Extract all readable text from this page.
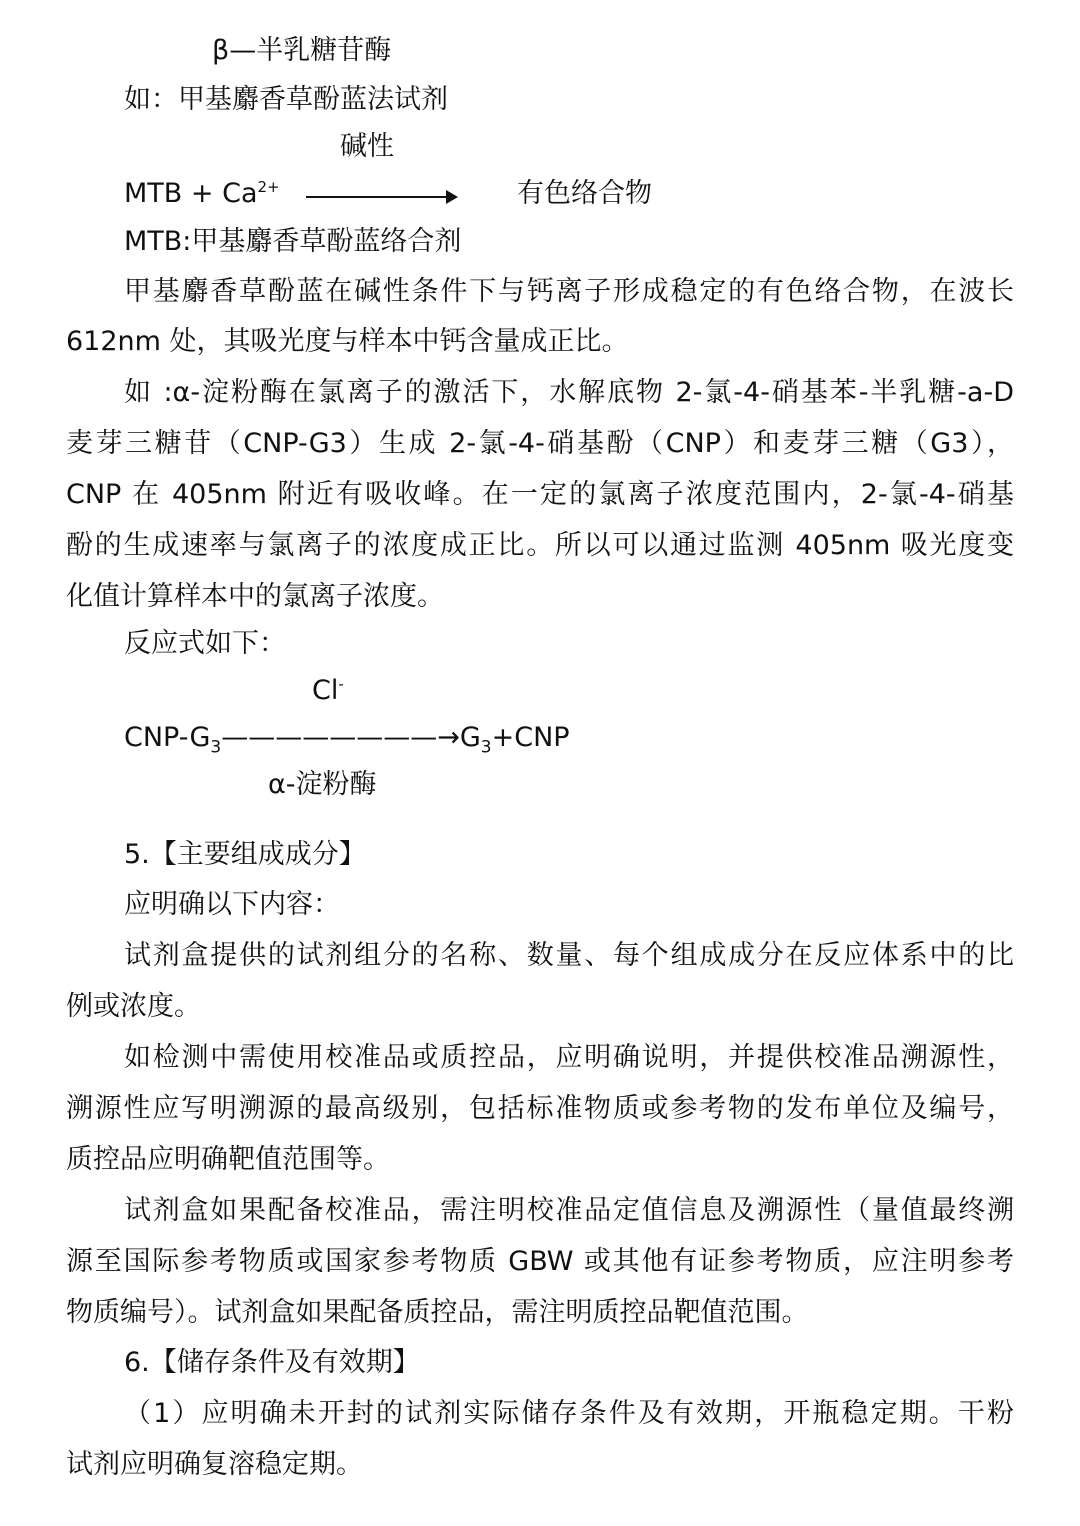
β—半乳糖苷酶
如：甲基麝香草酚蓝法试剂
碱性
MTB + $Ca^{2+}$	有色络合物
MTB:甲基麝香草酚蓝络合剂
甲基麝香草酚蓝在碱性条件下与钙离子形成稳定的有色络合物，在波长
612nm 处，其吸光度与样本中钙含量成正比。
如 :α-淀粉酶在氯离子的激活下，水解底物 2-氯-4-硝基苯-半乳糖-a-D
麦芽三糖苷（CNP-G3）生成 2-氯-4-硝基酚（CNP）和麦芽三糖（G3），
CNP 在 405nm 附近有吸收峰。在一定的氯离子浓度范围内，2-氯-4-硝基
酚的生成速率与氯离子的浓度成正比。所以可以通过监测 405nm 吸光度变
化值计算样本中的氯离子浓度。
反应式如下：
Cl-
CNP-$G_3————————\to G_3+CNP$
α-淀粉酶
5.【主要组成成分】
应明确以下内容：
试剂盒提供的试剂组分的名称、数量、每个组成成分在反应体系中的比
例或浓度。
如检测中需使用校准品或质控品，应明确说明，并提供校准品溯源性，
溯源性应写明溯源的最高级别，包括标准物质或参考物的发布单位及编号，
质控品应明确靶值范围等。
试剂盒如果配备校准品，需注明校准品定值信息及溯源性（量值最终溯
源至国际参考物质或国家参考物质 GBW 或其他有证参考物质，应注明参考
物质编号）。试剂盒如果配备质控品，需注明质控品靶值范围。
6.【储存条件及有效期】
（1）应明确未开封的试剂实际储存条件及有效期，开瓶稳定期。干粉
试剂应明确复溶稳定期。
